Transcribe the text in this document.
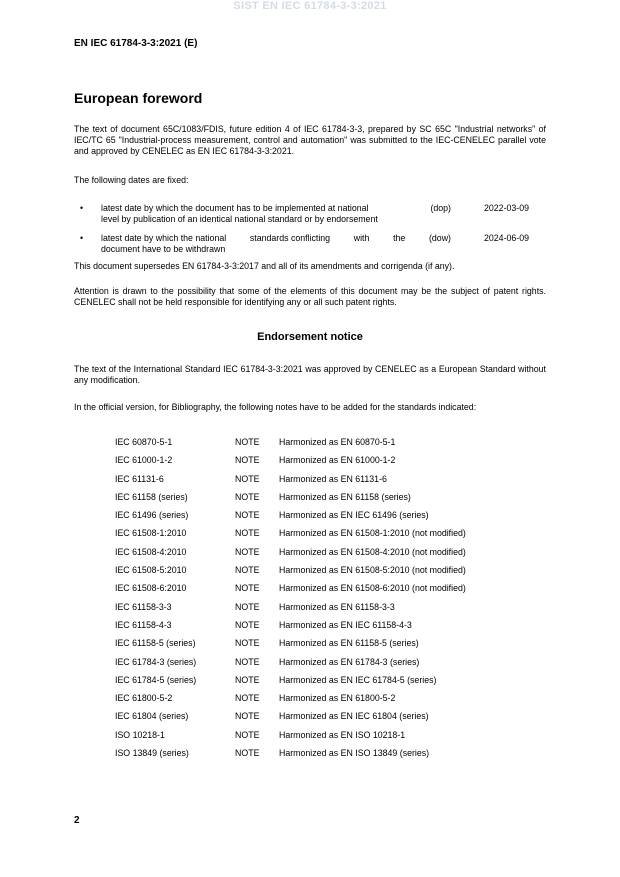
SIST EN IEC 61784-3-3:2021
EN IEC 61784-3-3:2021 (E)
European foreword
The text of document 65C/1083/FDIS, future edition 4 of IEC 61784-3-3, prepared by SC 65C "Industrial networks" of IEC/TC 65 "Industrial-process measurement, control and automation" was submitted to the IEC-CENELEC parallel vote and approved by CENELEC as EN IEC 61784-3-3:2021.
The following dates are fixed:
• latest date by which the document has to be implemented at national	(dop)
level by publication of an identical national standard or by endorsement
2022-03-09
• latest date by which the national	standards conflicting	with	the	(dow)
document have to be withdrawn
2024-06-09
This document supersedes EN 61784-3-3:2017 and all of its amendments and corrigenda (if any).
Attention is drawn to the possibility that some of the elements of this document may be the subject of patent rights. CENELEC shall not be held responsible for identifying any or all such patent rights.
Endorsement notice
The text of the International Standard IEC 61784-3-3:2021 was approved by CENELEC as a European Standard without any modification.
In the official version, for Bibliography, the following notes have to be added for the standards indicated:
IEC 60870-5-1	NOTE Harmonized as EN 60870-5-1
IEC 61000-1-2	NOTE Harmonized as EN 61000-1-2
IEC 61131-6	NOTE Harmonized as EN 61131-6
IEC 61158 (series)	NOTE Harmonized as EN 61158 (series)
IEC 61496 (series)	NOTE Harmonized as EN IEC 61496 (series)
IEC 61508-1:2010	NOTE Harmonized as EN 61508-1:2010 (not modified)
IEC 61508-4:2010	NOTE Harmonized as EN 61508-4:2010 (not modified)
IEC 61508-5:2010	NOTE Harmonized as EN 61508-5:2010 (not modified)
IEC 61508-6:2010	NOTE Harmonized as EN 61508-6:2010 (not modified)
IEC 61158-3-3	NOTE Harmonized as EN 61158-3-3
IEC 61158-4-3	NOTE Harmonized as EN IEC 61158-4-3
IEC 61158-5 (series)	NOTE Harmonized as EN 61158-5 (series)
IEC 61784-3 (series)	NOTE Harmonized as EN 61784-3 (series)
IEC 61784-5 (series)	NOTE Harmonized as EN IEC 61784-5 (series)
IEC 61800-5-2	NOTE Harmonized as EN 61800-5-2
IEC 61804 (series)	NOTE Harmonized as EN IEC 61804 (series)
ISO 10218-1	NOTE Harmonized as EN ISO 10218-1
ISO 13849 (series)	NOTE Harmonized as EN ISO 13849 (series)
2
